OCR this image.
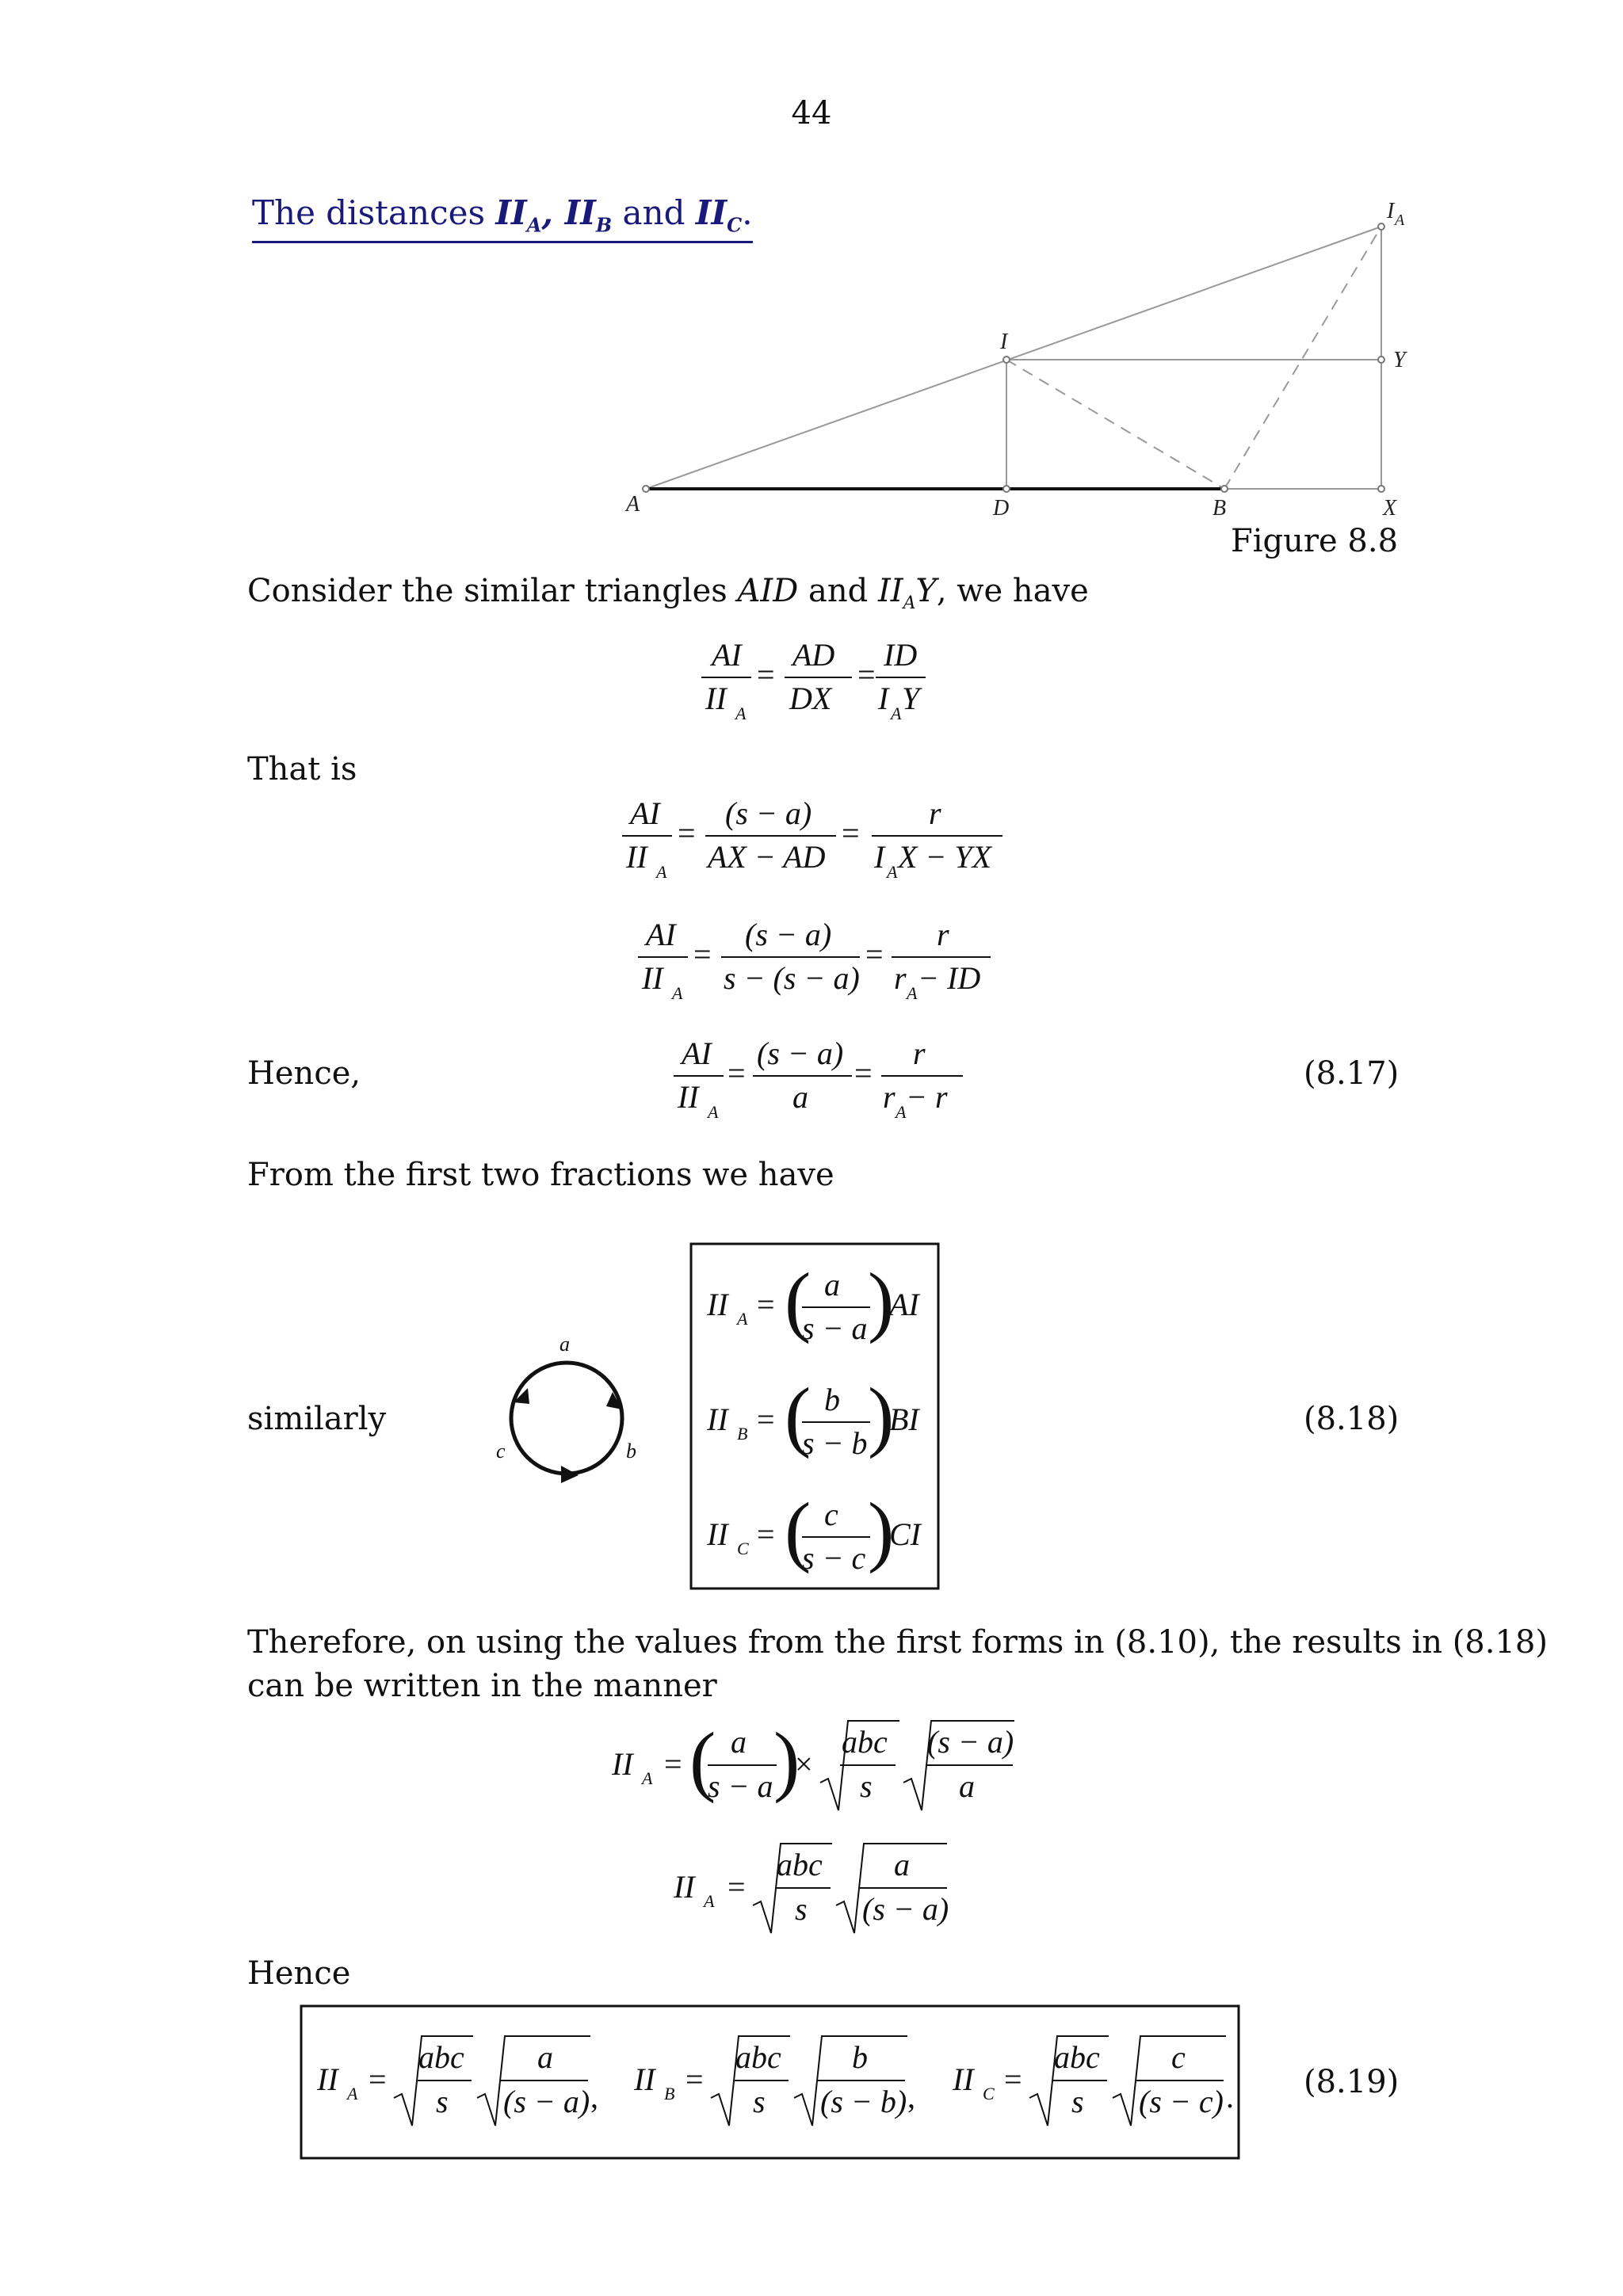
44
The distances $II_A$, $II_B$ and $II_C$.
A	D	B	X
I
Y
I A
Figure 8.8
Consider the similar triangles AID and $II_AY$, we have
AI
II A
=
AD
DX
=
ID
I A Y
AI
II A
=
(s − a)
AX − AD
=
r
I A X − YX
AI
II A
=
(s − a)
s − (s − a)
=
r
r A − ID
AI
II A
=
(s − a)
a
=
r
r A − r
II A = ( a
s − a )
AI
II B = ( b
s − b )
BI
II C = ( c
s − c )
CI
II A = ( a
s − a )
×
abc
s
(s − a)
a
II A =
abc
s
a
(s − a)
II A =
abc
s
a
(s − a) , II B =
abc
s
b
(s − b) , II C =
abc
s
c
(s − c) .
a
b
c
That is
Hence,	(8.17)
From the first two fractions we have
similarly	(8.18)
Therefore, on using the values from the first forms in (8.10), the results in (8.18)
can be written in the manner
Hence
(8.19)
